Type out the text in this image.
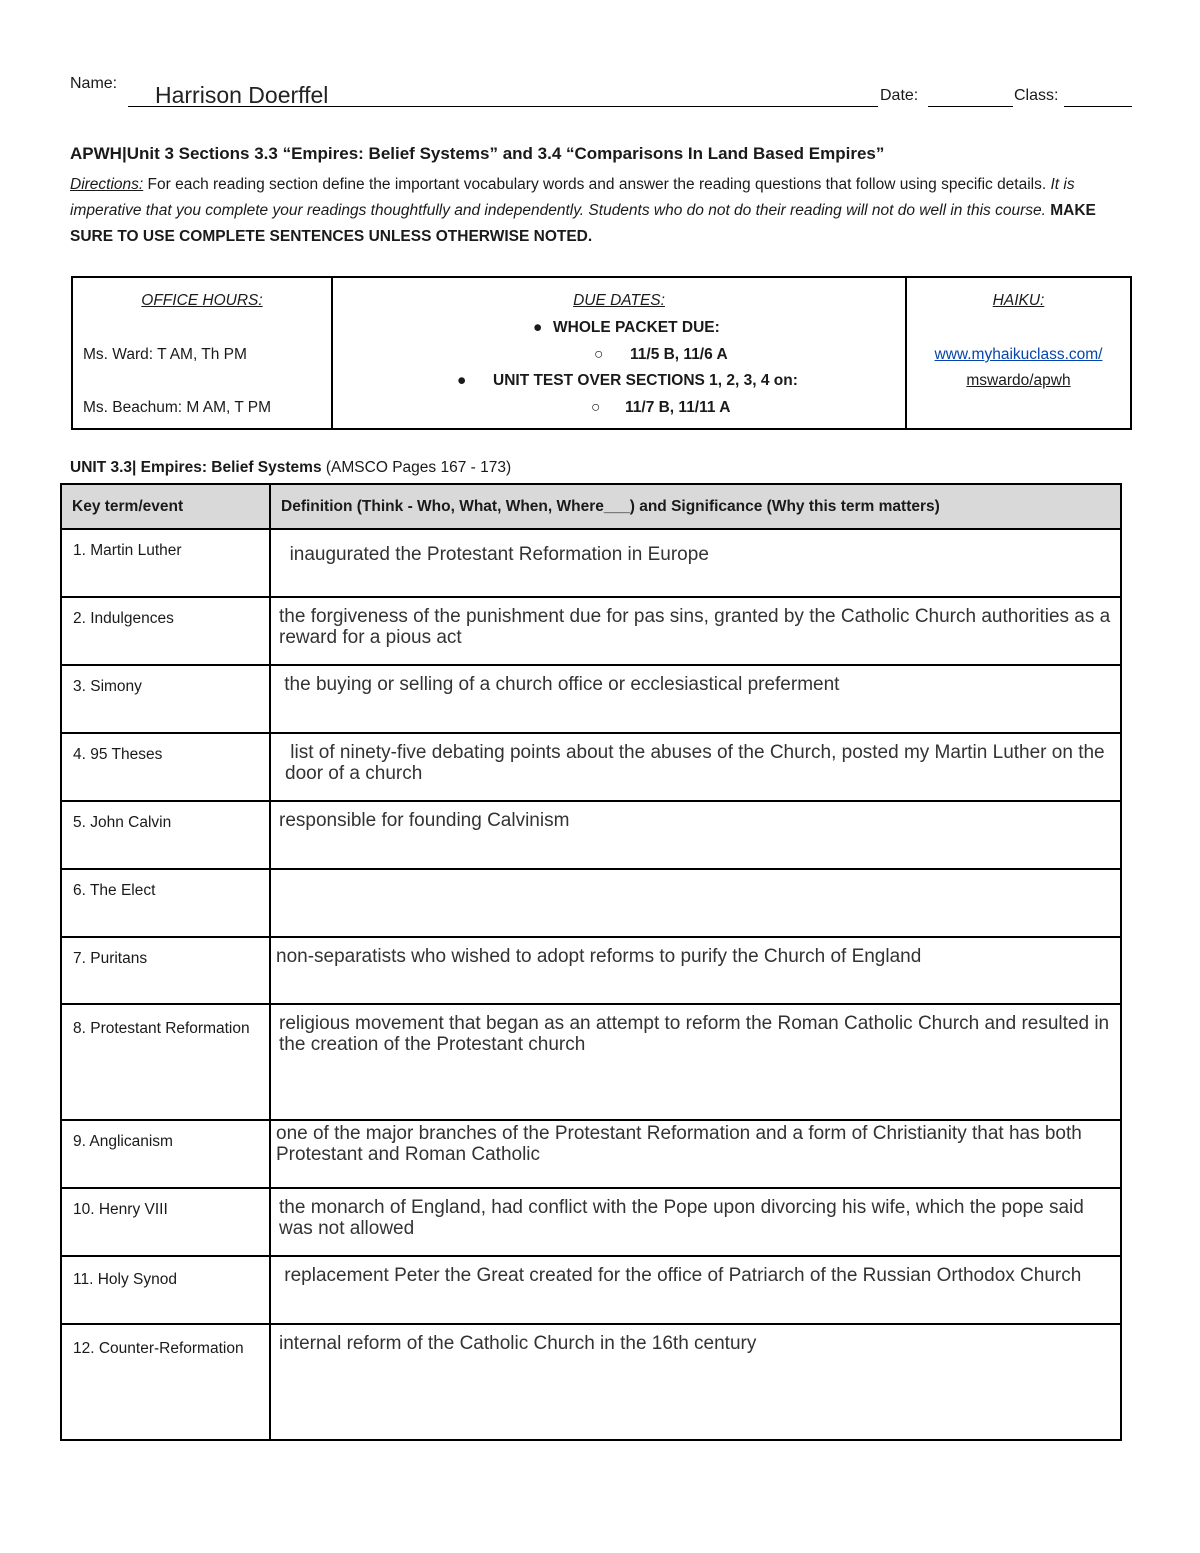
Name: Harrison Doerffel	Date:	Class:
APWH|Unit 3 Sections 3.3 “Empires: Belief Systems” and 3.4 “Comparisons In Land Based Empires”
Directions: For each reading section define the important vocabulary words and answer the reading questions that follow using specific details. It is imperative that you complete your readings thoughtfully and independently. Students who do not do their reading will not do well in this course. MAKE SURE TO USE COMPLETE SENTENCES UNLESS OTHERWISE NOTED.
OFFICE HOURS:
Ms. Ward: T AM, Th PM
Ms. Beachum: M AM, T PM
DUE DATES:
● WHOLE PACKET DUE:
○ 11/5 B, 11/6 A
● UNIT TEST OVER SECTIONS 1, 2, 3, 4 on:
○ 11/7 B, 11/11 A
HAIKU:
www.myhaikuclass.com/
mswardo/apwh
UNIT 3.3| Empires: Belief Systems (AMSCO Pages 167 - 173)
Key term/event	Definition (Think - Who, What, When, Where___) and Significance (Why this term matters)
1. Martin Luther	inaugurated the Protestant Reformation in Europe
2. Indulgences	the forgiveness of the punishment due for pas sins, granted by the Catholic Church authorities as a reward for a pious act
3. Simony	the buying or selling of a church office or ecclesiastical preferment
4. 95 Theses	list of ninety-five debating points about the abuses of the Church, posted my Martin Luther on the door of a church
5. John Calvin	responsible for founding Calvinism
6. The Elect	
7. Puritans	non-separatists who wished to adopt reforms to purify the Church of England
8. Protestant Reformation	religious movement that began as an attempt to reform the Roman Catholic Church and resulted in the creation of the Protestant church
9. Anglicanism	one of the major branches of the Protestant Reformation and a form of Christianity that has both Protestant and Roman Catholic
10. Henry VIII	the monarch of England, had conflict with the Pope upon divorcing his wife, which the pope said was not allowed
11. Holy Synod	replacement Peter the Great created for the office of Patriarch of the Russian Orthodox Church
12. Counter-Reformation	internal reform of the Catholic Church in the 16th century
